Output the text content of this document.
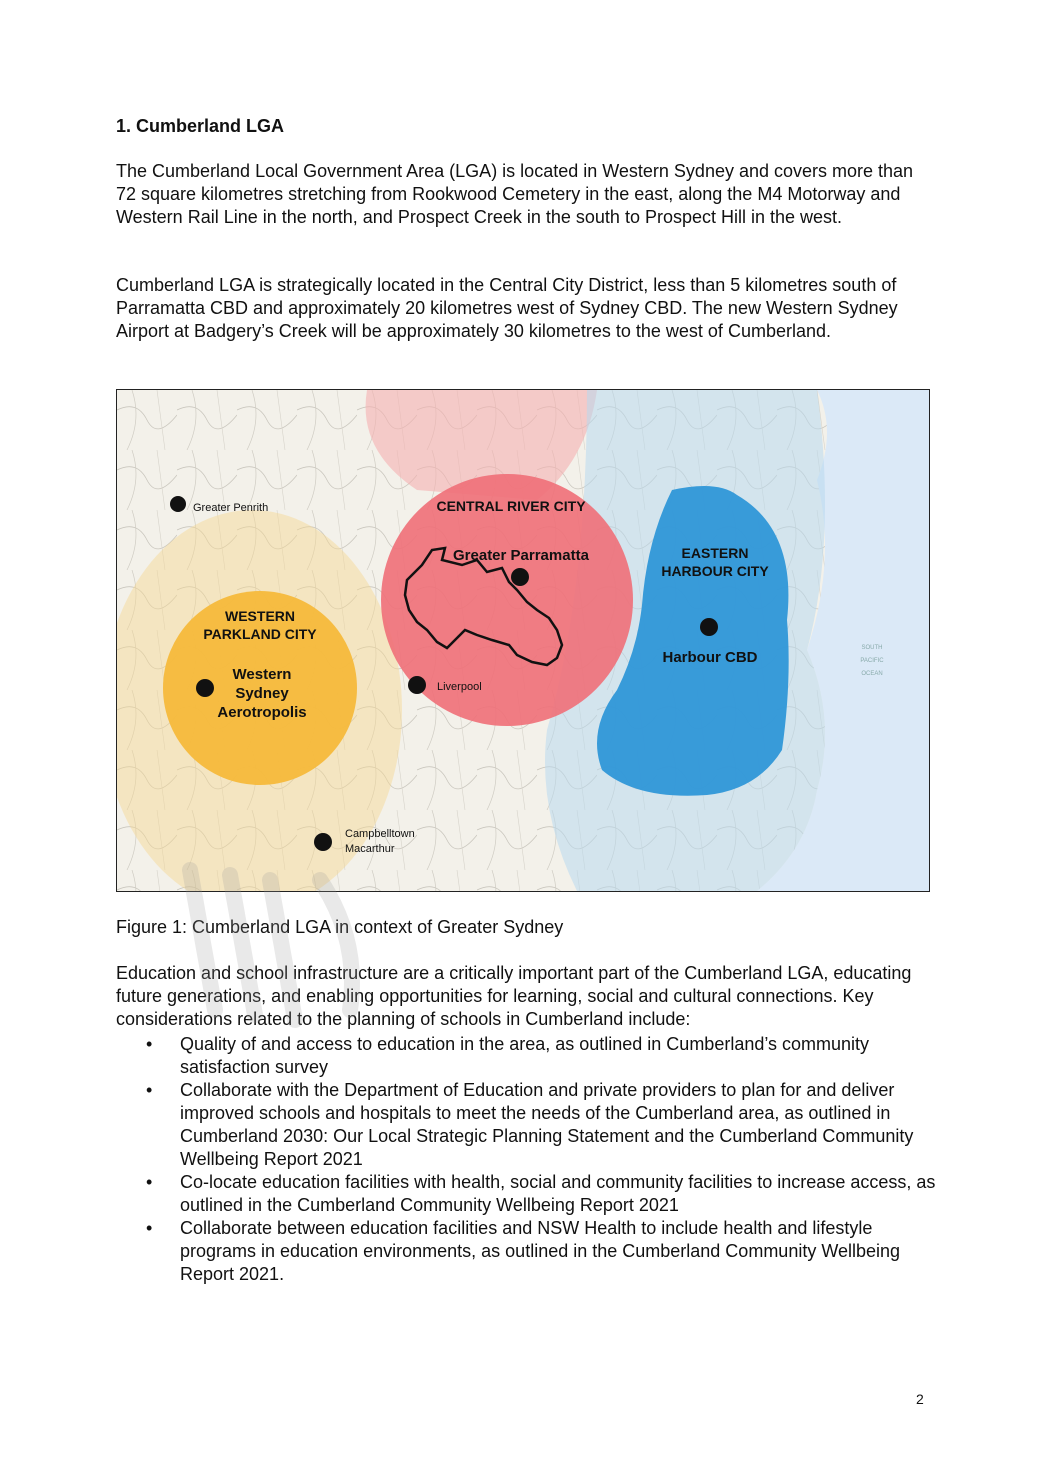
1. Cumberland LGA
The Cumberland Local Government Area (LGA) is located in Western Sydney and covers more than 72 square kilometres stretching from Rookwood Cemetery in the east, along the M4 Motorway and Western Rail Line in the north, and Prospect Creek in the south to Prospect Hill in the west.
Cumberland LGA is strategically located in the Central City District, less than 5 kilometres south of Parramatta CBD and approximately 20 kilometres west of Sydney CBD. The new Western Sydney Airport at Badgery’s Creek will be approximately 30 kilometres to the west of Cumberland.
Greater Penrith	CENTRAL RIVER CITY
Greater Parramatta	EASTERN
HARBOUR CITY
Harbour CBD
Liverpool
WESTERN
PARKLAND CITY
Western
Sydney
Aerotropolis
Campbelltown
Macarthur
SOUTH
PACIFIC
OCEAN
Figure 1: Cumberland LGA in context of Greater Sydney
Education and school infrastructure are a critically important part of the Cumberland LGA, educating future generations, and enabling opportunities for learning, social and cultural connections. Key considerations related to the planning of schools in Cumberland include:
• Quality of and access to education in the area, as outlined in Cumberland’s community satisfaction survey
• Collaborate with the Department of Education and private providers to plan for and deliver improved schools and hospitals to meet the needs of the Cumberland area, as outlined in Cumberland 2030: Our Local Strategic Planning Statement and the Cumberland Community Wellbeing Report 2021
• Co-locate education facilities with health, social and community facilities to increase access, as outlined in the Cumberland Community Wellbeing Report 2021
• Collaborate between education facilities and NSW Health to include health and lifestyle programs in education environments, as outlined in the Cumberland Community Wellbeing Report 2021.
2
